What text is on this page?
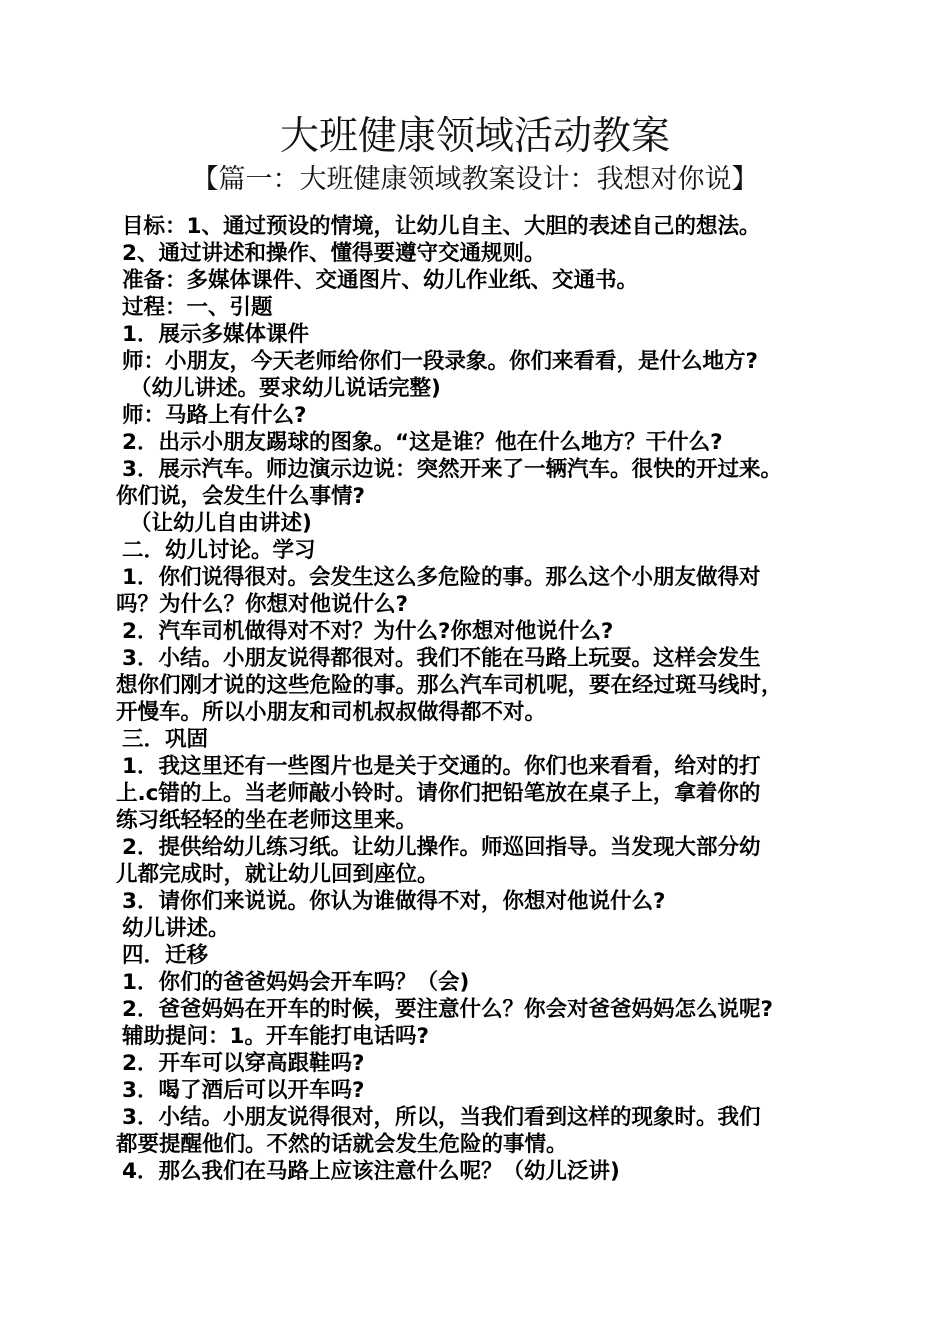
大班健康领域活动教案
【篇一：大班健康领域教案设计：我想对你说】
目标：1、通过预设的情境，让幼儿自主、大胆的表述自己的想法。
2、通过讲述和操作、懂得要遵守交通规则。
准备：多媒体课件、交通图片、幼儿作业纸、交通书。
过程：一、引题
1．展示多媒体课件
师：小朋友，今天老师给你们一段录象。你们来看看，是什么地方?
（幼儿讲述。要求幼儿说话完整)
师：马路上有什么?
2．出示小朋友踢球的图象。“这是谁？他在什么地方？干什么?
3．展示汽车。师边演示边说：突然开来了一辆汽车。很快的开过来。
你们说，会发生什么事情?
（让幼儿自由讲述)
二．幼儿讨论。学习
1．你们说得很对。会发生这么多危险的事。那么这个小朋友做得对
吗？为什么？你想对他说什么?
2．汽车司机做得对不对？为什么?你想对他说什么?
3．小结。小朋友说得都很对。我们不能在马路上玩耍。这样会发生
想你们刚才说的这些危险的事。那么汽车司机呢，要在经过斑马线时，
开慢车。所以小朋友和司机叔叔做得都不对。
三．巩固
1．我这里还有一些图片也是关于交通的。你们也来看看，给对的打
上.c错的上。当老师敲小铃时。请你们把铅笔放在桌子上，拿着你的
练习纸轻轻的坐在老师这里来。
2．提供给幼儿练习纸。让幼儿操作。师巡回指导。当发现大部分幼
儿都完成时，就让幼儿回到座位。
3．请你们来说说。你认为谁做得不对，你想对他说什么?
幼儿讲述。
四．迁移
1．你们的爸爸妈妈会开车吗？（会)
2．爸爸妈妈在开车的时候，要注意什么？你会对爸爸妈妈怎么说呢?
辅助提问：1。开车能打电话吗?
2．开车可以穿高跟鞋吗?
3．喝了酒后可以开车吗?
3．小结。小朋友说得很对，所以，当我们看到这样的现象时。我们
都要提醒他们。不然的话就会发生危险的事情。
4．那么我们在马路上应该注意什么呢？（幼儿泛讲)
